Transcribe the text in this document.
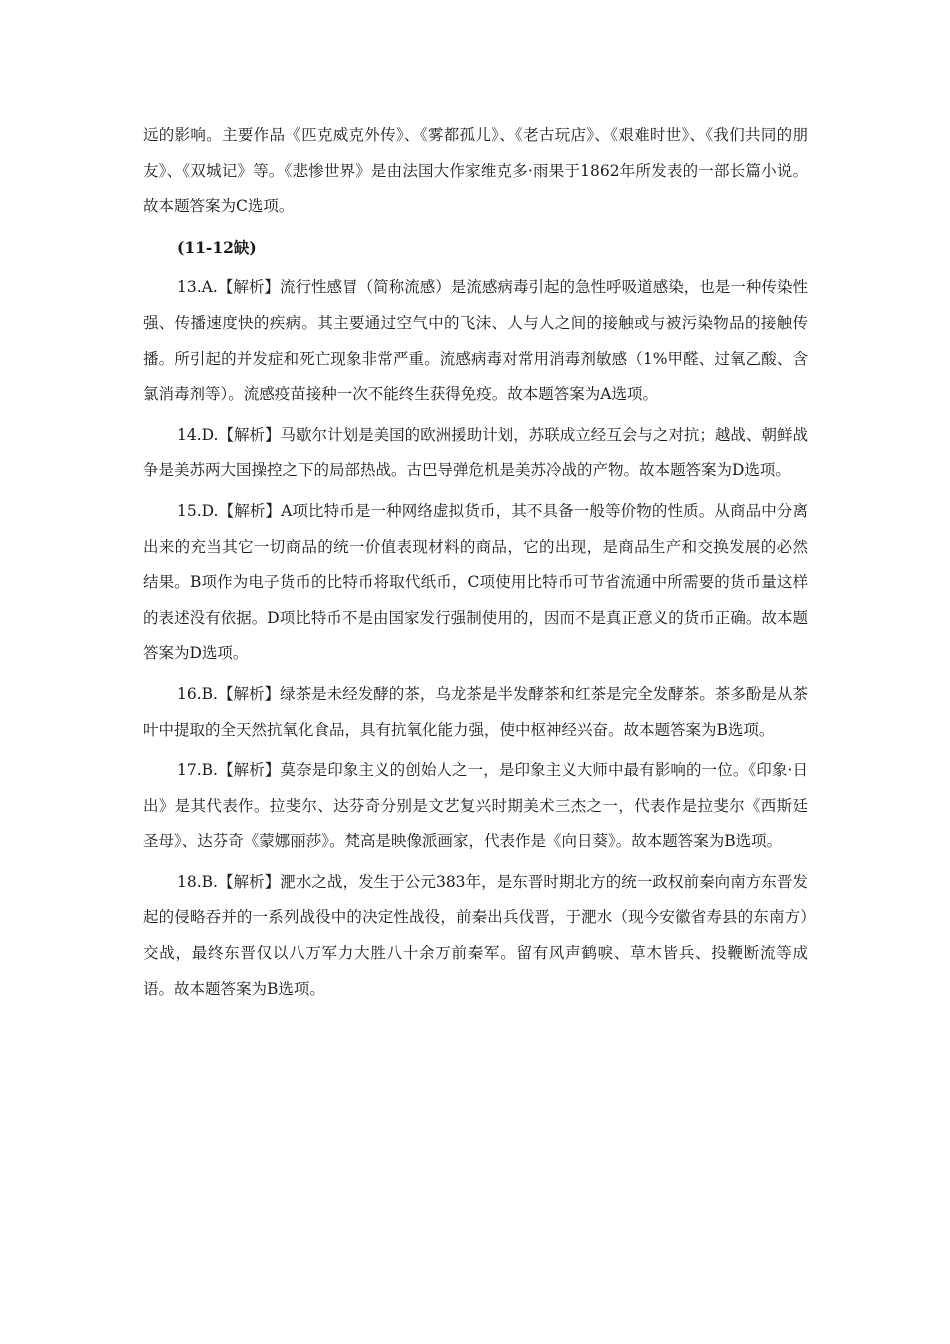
远的影响。主要作品《匹克威克外传》、《雾都孤儿》、《老古玩店》、《艰难时世》、《我们共同的朋友》、《双城记》等。《悲惨世界》是由法国大作家维克多·雨果于1862年所发表的一部长篇小说。故本题答案为C选项。

(11-12缺)

13.A.【解析】流行性感冒（简称流感）是流感病毒引起的急性呼吸道感染，也是一种传染性强、传播速度快的疾病。其主要通过空气中的飞沫、人与人之间的接触或与被污染物品的接触传播。所引起的并发症和死亡现象非常严重。流感病毒对常用消毒剂敏感（1%甲醛、过氧乙酸、含氯消毒剂等）。流感疫苗接种一次不能终生获得免疫。故本题答案为A选项。

14.D.【解析】马歇尔计划是美国的欧洲援助计划，苏联成立经互会与之对抗；越战、朝鲜战争是美苏两大国操控之下的局部热战。古巴导弹危机是美苏冷战的产物。故本题答案为D选项。

15.D.【解析】A项比特币是一种网络虚拟货币，其不具备一般等价物的性质。从商品中分离出来的充当其它一切商品的统一价值表现材料的商品，它的出现，是商品生产和交换发展的必然结果。B项作为电子货币的比特币将取代纸币，C项使用比特币可节省流通中所需要的货币量这样的表述没有依据。D项比特币不是由国家发行强制使用的，因而不是真正意义的货币正确。故本题答案为D选项。

16.B.【解析】绿茶是未经发酵的茶，乌龙茶是半发酵茶和红茶是完全发酵茶。茶多酚是从茶叶中提取的全天然抗氧化食品，具有抗氧化能力强，使中枢神经兴奋。故本题答案为B选项。

17.B.【解析】莫奈是印象主义的创始人之一，是印象主义大师中最有影响的一位。《印象·日出》是其代表作。拉斐尔、达芬奇分别是文艺复兴时期美术三杰之一，代表作是拉斐尔《西斯廷圣母》、达芬奇《蒙娜丽莎》。梵高是映像派画家，代表作是《向日葵》。故本题答案为B选项。

18.B.【解析】淝水之战，发生于公元383年，是东晋时期北方的统一政权前秦向南方东晋发起的侵略吞并的一系列战役中的决定性战役，前秦出兵伐晋，于淝水（现今安徽省寿县的东南方）交战，最终东晋仅以八万军力大胜八十余万前秦军。留有风声鹤唳、草木皆兵、投鞭断流等成语。故本题答案为B选项。
